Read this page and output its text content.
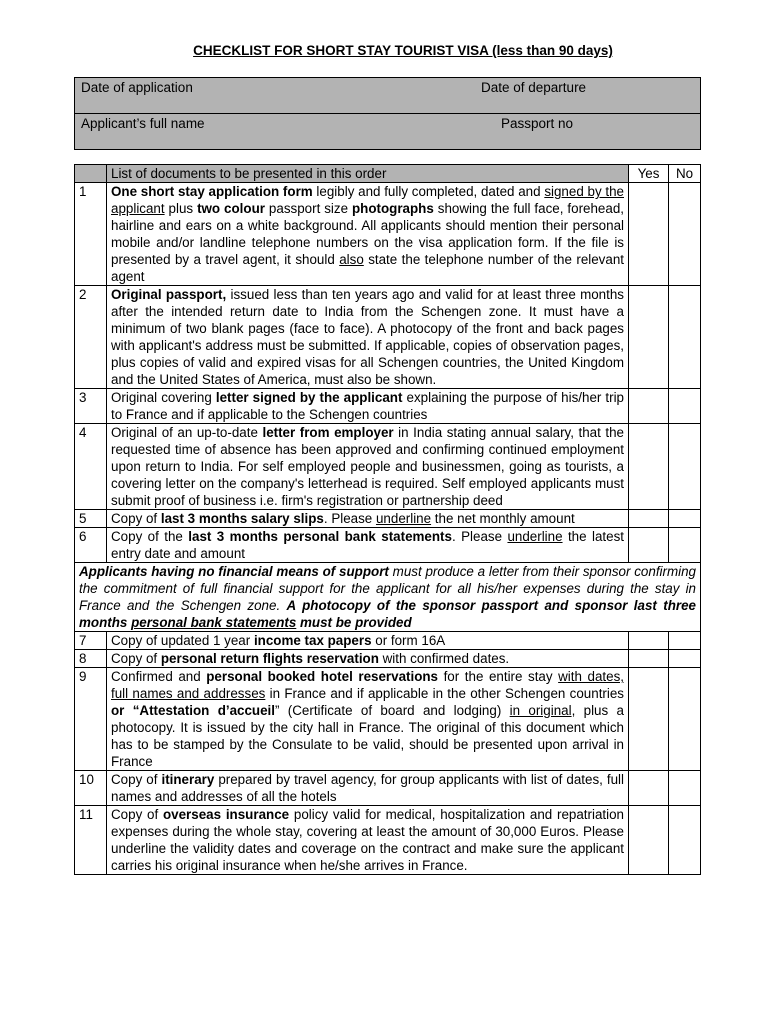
CHECKLIST FOR SHORT STAY TOURIST VISA (less than 90 days)
Date of application	Date of departure

Applicant’s full name	Passport no
	List of documents to be presented in this order	Yes	No
1	One short stay application form legibly and fully completed, dated and signed by the applicant plus two colour passport size photographs showing the full face, forehead, hairline and ears on a white background. All applicants should mention their personal mobile and/or landline telephone numbers on the visa application form. If the file is presented by a travel agent, it should also state the telephone number of the relevant agent		
2	Original passport, issued less than ten years ago and valid for at least three months after the intended return date to India from the Schengen zone. It must have a minimum of two blank pages (face to face). A photocopy of the front and back pages with applicant's address must be submitted. If applicable, copies of observation pages, plus copies of valid and expired visas for all Schengen countries, the United Kingdom and the United States of America, must also be shown.		
3	Original covering letter signed by the applicant explaining the purpose of his/her trip to France and if applicable to the Schengen countries		
4	Original of an up-to-date letter from employer in India stating annual salary, that the requested time of absence has been approved and confirming continued employment upon return to India. For self employed people and businessmen, going as tourists, a covering letter on the company's letterhead is required. Self employed applicants must submit proof of business i.e. firm's registration or partnership deed		
5	Copy of last 3 months salary slips. Please underline the net monthly amount		
6	Copy of the last 3 months personal bank statements. Please underline the latest entry date and amount		
Applicants having no financial means of support must produce a letter from their sponsor confirming the commitment of full financial support for the applicant for all his/her expenses during the stay in France and the Schengen zone. A photocopy of the sponsor passport and sponsor last three months personal bank statements must be provided			
7	Copy of updated 1 year income tax papers or form 16A		
8	Copy of personal return flights reservation with confirmed dates.		
9	Confirmed and personal booked hotel reservations for the entire stay with dates, full names and addresses in France and if applicable in the other Schengen countries or “Attestation d’accueil” (Certificate of board and lodging) in original, plus a photocopy. It is issued by the city hall in France. The original of this document which has to be stamped by the Consulate to be valid, should be presented upon arrival in France		
10	Copy of itinerary prepared by travel agency, for group applicants with list of dates, full names and addresses of all the hotels		
11	Copy of overseas insurance policy valid for medical, hospitalization and repatriation expenses during the whole stay, covering at least the amount of 30,000 Euros. Please underline the validity dates and coverage on the contract and make sure the applicant carries his original insurance when he/she arrives in France.		
